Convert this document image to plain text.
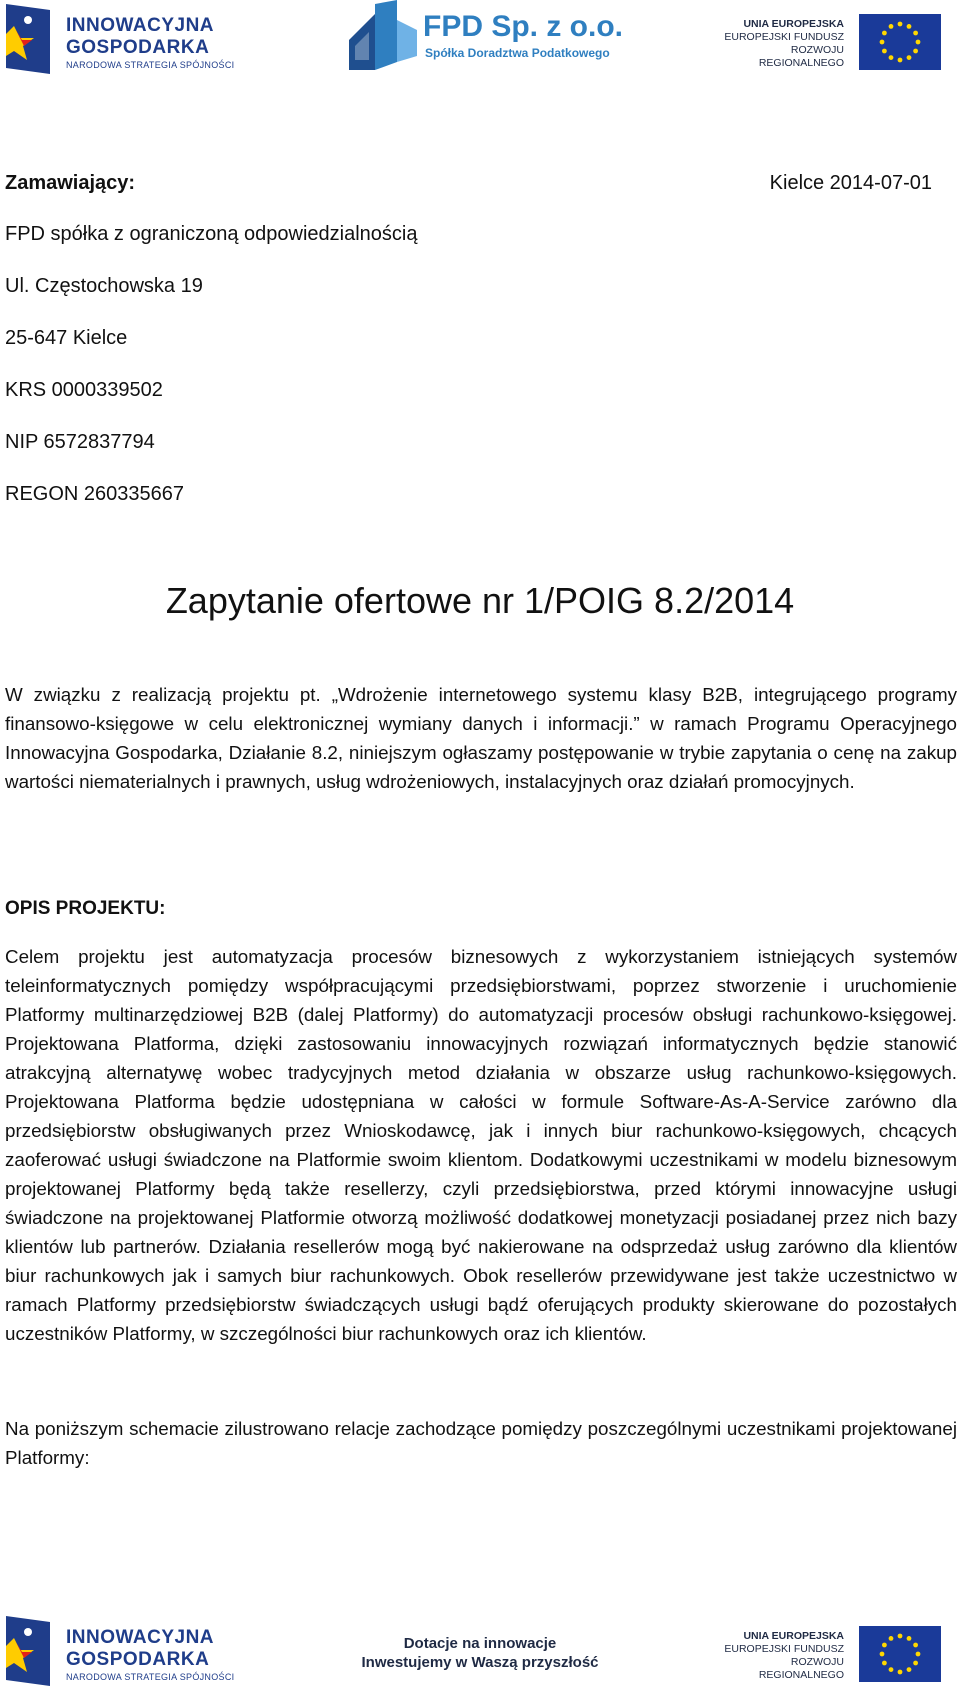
INNOWACYJNA
GOSPODARKA
NARODOWA STRATEGIA SPÓJNOŚCI
FPD Sp. z o.o.
Spółka Doradztwa Podatkowego
UNIA EUROPEJSKA
EUROPEJSKI FUNDUSZ
ROZWOJU REGIONALNEGO
Zamawiający:	Kielce 2014-07-01
FPD spółka z ograniczoną odpowiedzialnością
Ul. Częstochowska 19
25-647 Kielce
KRS 0000339502
NIP 6572837794
REGON 260335667
Zapytanie ofertowe nr 1/POIG 8.2/2014
W związku z realizacją projektu pt. „Wdrożenie internetowego systemu klasy B2B, integrującego programy finansowo-księgowe w celu elektronicznej wymiany danych i informacji.” w ramach Programu Operacyjnego Innowacyjna Gospodarka, Działanie 8.2, niniejszym ogłaszamy postępowanie w trybie zapytania o cenę na zakup wartości niematerialnych i prawnych, usług wdrożeniowych, instalacyjnych oraz działań promocyjnych.
OPIS PROJEKTU:
Celem projektu jest automatyzacja procesów biznesowych z wykorzystaniem istniejących systemów teleinformatycznych pomiędzy współpracującymi przedsiębiorstwami, poprzez stworzenie i uruchomienie Platformy multinarzędziowej B2B (dalej Platformy) do automatyzacji procesów obsługi rachunkowo-księgowej. Projektowana Platforma, dzięki zastosowaniu innowacyjnych rozwiązań informatycznych będzie stanowić atrakcyjną alternatywę wobec tradycyjnych metod działania w obszarze usług rachunkowo-księgowych. Projektowana Platforma będzie udostępniana w całości w formule Software-As-A-Service zarówno dla przedsiębiorstw obsługiwanych przez Wnioskodawcę, jak i innych biur rachunkowo-księgowych, chcących zaoferować usługi świadczone na Platformie swoim klientom. Dodatkowymi uczestnikami w modelu biznesowym projektowanej Platformy będą także resellerzy, czyli przedsiębiorstwa, przed którymi innowacyjne usługi świadczone na projektowanej Platformie otworzą możliwość dodatkowej monetyzacji posiadanej przez nich bazy klientów lub partnerów. Działania resellerów mogą być nakierowane na odsprzedaż usług zarówno dla klientów biur rachunkowych jak i samych biur rachunkowych. Obok resellerów przewidywane jest także uczestnictwo w ramach Platformy przedsiębiorstw świadczących usługi bądź oferujących produkty skierowane do pozostałych uczestników Platformy, w szczególności biur rachunkowych oraz ich klientów.
Na poniższym schemacie zilustrowano relacje zachodzące pomiędzy poszczególnymi uczestnikami projektowanej Platformy:
INNOWACYJNA
GOSPODARKA
NARODOWA STRATEGIA SPÓJNOŚCI
Dotacje na innowacje
Inwestujemy w Waszą przyszłość
UNIA EUROPEJSKA
EUROPEJSKI FUNDUSZ
ROZWOJU REGIONALNEGO
